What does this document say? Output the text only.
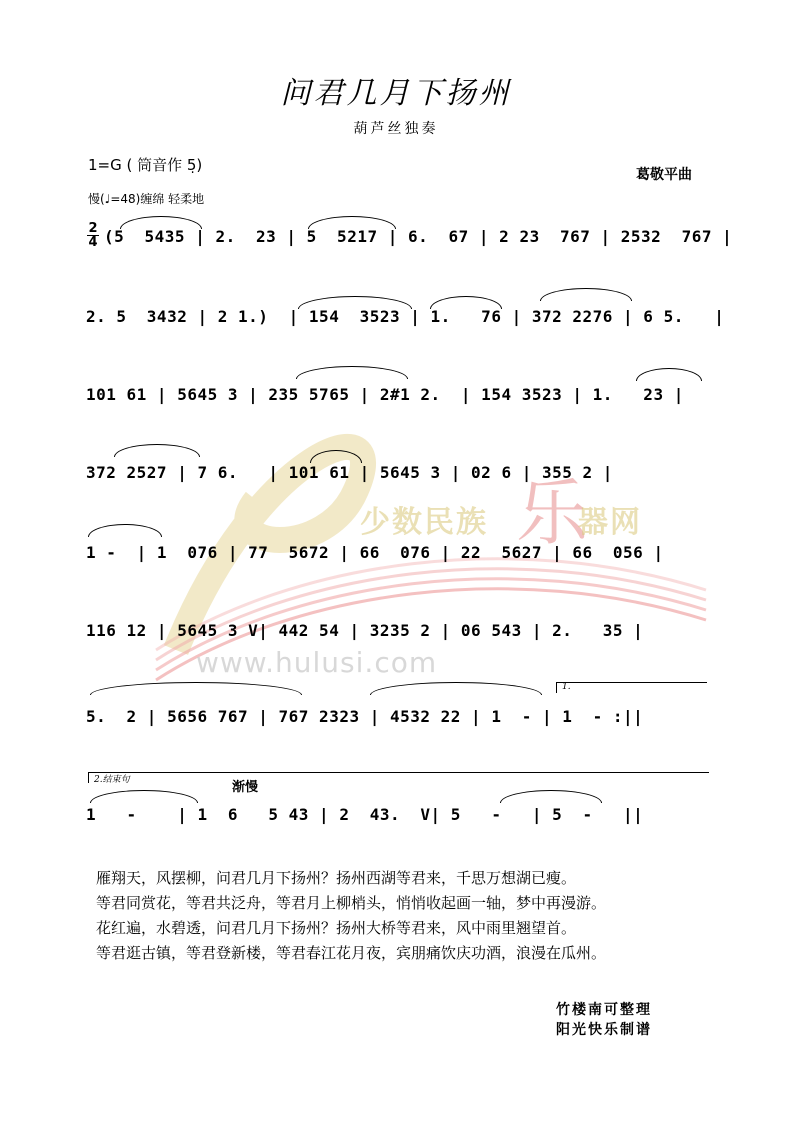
乐
少数民族	器网
www.hulusi.com
问君几月下扬州
葫芦丝独奏
1=G ( 筒音作 5̣)
葛敬平曲
慢(♩=48)缠绵 轻柔地
2
4 (5  5435 | 2.  23 | 5  5217 | 6.  67 | 2 23  767 | 2532  767 |
2. 5  3432 | 2 1.)  | 154  3523 | 1.   76 | 372 2276 | 6 5.   |
101 61 | 5645 3 | 235 5765 | 2#1 2.  | 154 3523 | 1.   23 |
372 2527 | 7 6.   | 101 61 | 5645 3 | 02 6 | 355 2 |
1 -  | 1  076 | 77  5672 | 66  076 | 22  5627 | 66  056 |
116 12 | 5645 3 V| 442 54 | 3235 2 | 06 543 | 2.   35 |
5.  2 | 5656 767 | 767 2323 | 4532 22 | 1  - | 1  - :||
1   -    | 1  6   5 43 | 2  43.  V| 5   -   | 5  -   ||
1.
2.结束句	渐慢
雁翔天，风摆柳，问君几月下扬州？扬州西湖等君来，千思万想湖已瘦。
等君同赏花，等君共泛舟，等君月上柳梢头，悄悄收起画一轴，梦中再漫游。
花红遍，水碧透，问君几月下扬州？扬州大桥等君来，风中雨里翘望首。
等君逛古镇，等君登新楼，等君春江花月夜，宾朋痛饮庆功酒，浪漫在瓜州。
竹楼南可整理
阳光快乐制谱
